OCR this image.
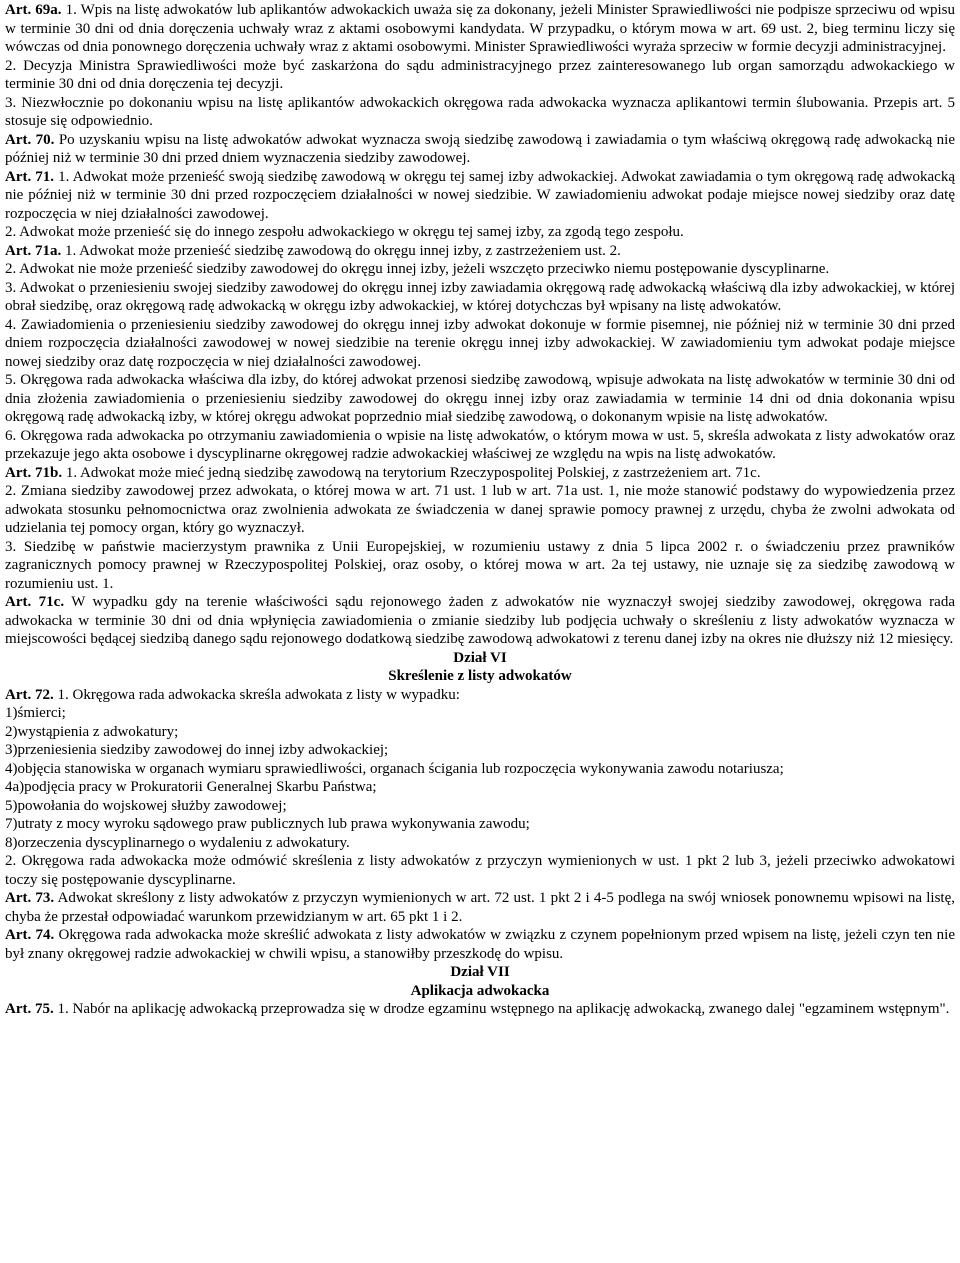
Art. 69a. 1. Wpis na listę adwokatów lub aplikantów adwokackich uważa się za dokonany, jeżeli Minister Sprawiedliwości nie podpisze sprzeciwu od wpisu w terminie 30 dni od dnia doręczenia uchwały wraz z aktami osobowymi kandydata. W przypadku, o którym mowa w art. 69 ust. 2, bieg terminu liczy się wówczas od dnia ponownego doręczenia uchwały wraz z aktami osobowymi. Minister Sprawiedliwości wyraża sprzeciw w formie decyzji administracyjnej.

2. Decyzja Ministra Sprawiedliwości może być zaskarżona do sądu administracyjnego przez zainteresowanego lub organ samorządu adwokackiego w terminie 30 dni od dnia doręczenia tej decyzji.

3. Niezwłocznie po dokonaniu wpisu na listę aplikantów adwokackich okręgowa rada adwokacka wyznacza aplikantowi termin ślubowania. Przepis art. 5 stosuje się odpowiednio.

Art. 70. Po uzyskaniu wpisu na listę adwokatów adwokat wyznacza swoją siedzibę zawodową i zawiadamia o tym właściwą okręgową radę adwokacką nie później niż w terminie 30 dni przed dniem wyznaczenia siedziby zawodowej.

Art. 71. 1. Adwokat może przenieść swoją siedzibę zawodową w okręgu tej samej izby adwokackiej. Adwokat zawiadamia o tym okręgową radę adwokacką nie później niż w terminie 30 dni przed rozpoczęciem działalności w nowej siedzibie. W zawiadomieniu adwokat podaje miejsce nowej siedziby oraz datę rozpoczęcia w niej działalności zawodowej.

2. Adwokat może przenieść się do innego zespołu adwokackiego w okręgu tej samej izby, za zgodą tego zespołu.

Art. 71a. 1. Adwokat może przenieść siedzibę zawodową do okręgu innej izby, z zastrzeżeniem ust. 2.

2. Adwokat nie może przenieść siedziby zawodowej do okręgu innej izby, jeżeli wszczęto przeciwko niemu postępowanie dyscyplinarne.

3. Adwokat o przeniesieniu swojej siedziby zawodowej do okręgu innej izby zawiadamia okręgową radę adwokacką właściwą dla izby adwokackiej, w której obrał siedzibę, oraz okręgową radę adwokacką w okręgu izby adwokackiej, w której dotychczas był wpisany na listę adwokatów.

4. Zawiadomienia o przeniesieniu siedziby zawodowej do okręgu innej izby adwokat dokonuje w formie pisemnej, nie później niż w terminie 30 dni przed dniem rozpoczęcia działalności zawodowej w nowej siedzibie na terenie okręgu innej izby adwokackiej. W zawiadomieniu tym adwokat podaje miejsce nowej siedziby oraz datę rozpoczęcia w niej działalności zawodowej.

5. Okręgowa rada adwokacka właściwa dla izby, do której adwokat przenosi siedzibę zawodową, wpisuje adwokata na listę adwokatów w terminie 30 dni od dnia złożenia zawiadomienia o przeniesieniu siedziby zawodowej do okręgu innej izby oraz zawiadamia w terminie 14 dni od dnia dokonania wpisu okręgową radę adwokacką izby, w której okręgu adwokat poprzednio miał siedzibę zawodową, o dokonanym wpisie na listę adwokatów.

6. Okręgowa rada adwokacka po otrzymaniu zawiadomienia o wpisie na listę adwokatów, o którym mowa w ust. 5, skreśla adwokata z listy adwokatów oraz przekazuje jego akta osobowe i dyscyplinarne okręgowej radzie adwokackiej właściwej ze względu na wpis na listę adwokatów.

Art. 71b. 1. Adwokat może mieć jedną siedzibę zawodową na terytorium Rzeczypospolitej Polskiej, z zastrzeżeniem art. 71c.

2. Zmiana siedziby zawodowej przez adwokata, o której mowa w art. 71 ust. 1 lub w art. 71a ust. 1, nie może stanowić podstawy do wypowiedzenia przez adwokata stosunku pełnomocnictwa oraz zwolnienia adwokata ze świadczenia w danej sprawie pomocy prawnej z urzędu, chyba że zwolni adwokata od udzielania tej pomocy organ, który go wyznaczył.

3. Siedzibę w państwie macierzystym prawnika z Unii Europejskiej, w rozumieniu ustawy z dnia 5 lipca 2002 r. o świadczeniu przez prawników zagranicznych pomocy prawnej w Rzeczypospolitej Polskiej, oraz osoby, o której mowa w art. 2a tej ustawy, nie uznaje się za siedzibę zawodową w rozumieniu ust. 1.

Art. 71c. W wypadku gdy na terenie właściwości sądu rejonowego żaden z adwokatów nie wyznaczył swojej siedziby zawodowej, okręgowa rada adwokacka w terminie 30 dni od dnia wpłynięcia zawiadomienia o zmianie siedziby lub podjęcia uchwały o skreśleniu z listy adwokatów wyznacza w miejscowości będącej siedzibą danego sądu rejonowego dodatkową siedzibę zawodową adwokatowi z terenu danej izby na okres nie dłuższy niż 12 miesięcy.

Dział VI
Skreślenie z listy adwokatów

Art. 72. 1. Okręgowa rada adwokacka skreśla adwokata z listy w wypadku:

1)śmierci;

2)wystąpienia z adwokatury;

3)przeniesienia siedziby zawodowej do innej izby adwokackiej;

4)objęcia stanowiska w organach wymiaru sprawiedliwości, organach ścigania lub rozpoczęcia wykonywania zawodu notariusza;

4a)podjęcia pracy w Prokuratorii Generalnej Skarbu Państwa;

5)powołania do wojskowej służby zawodowej;

7)utraty z mocy wyroku sądowego praw publicznych lub prawa wykonywania zawodu;

8)orzeczenia dyscyplinarnego o wydaleniu z adwokatury.

2. Okręgowa rada adwokacka może odmówić skreślenia z listy adwokatów z przyczyn wymienionych w ust. 1 pkt 2 lub 3, jeżeli przeciwko adwokatowi toczy się postępowanie dyscyplinarne.

Art. 73. Adwokat skreślony z listy adwokatów z przyczyn wymienionych w art. 72 ust. 1 pkt 2 i 4-5 podlega na swój wniosek ponownemu wpisowi na listę, chyba że przestał odpowiadać warunkom przewidzianym w art. 65 pkt 1 i 2.

Art. 74. Okręgowa rada adwokacka może skreślić adwokata z listy adwokatów w związku z czynem popełnionym przed wpisem na listę, jeżeli czyn ten nie był znany okręgowej radzie adwokackiej w chwili wpisu, a stanowiłby przeszkodę do wpisu.

Dział VII
Aplikacja adwokacka

Art. 75. 1. Nabór na aplikację adwokacką przeprowadza się w drodze egzaminu wstępnego na aplikację adwokacką, zwanego dalej "egzaminem wstępnym".
